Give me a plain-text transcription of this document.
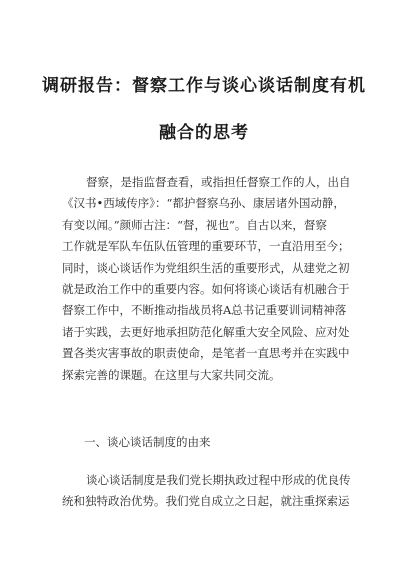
调研报告：督察工作与谈心谈话制度有机
融合的思考
督察，是指监督查看，或指担任督察工作的人，出自
《汉书•西域传序》：“都护督察乌孙、康居诸外国动静，
有变以闻。”颜师古注：“督，视也”。自古以来，督察
工作就是军队车伍队伍管理的重要环节，一直沿用至今；
同时，谈心谈话作为党组织生活的重要形式，从建党之初
就是政治工作中的重要内容。如何将谈心谈话有机融合于
督察工作中，不断推动指战员将A总书记重要训词精神落
诸于实践，去更好地承担防范化解重大安全风险、应对处
置各类灾害事故的职责使命，是笔者一直思考并在实践中
探索完善的课题。在这里与大家共同交流。
一、谈心谈话制度的由来
谈心谈话制度是我们党长期执政过程中形成的优良传
统和独特政治优势。我们党自成立之日起，就注重探索运
